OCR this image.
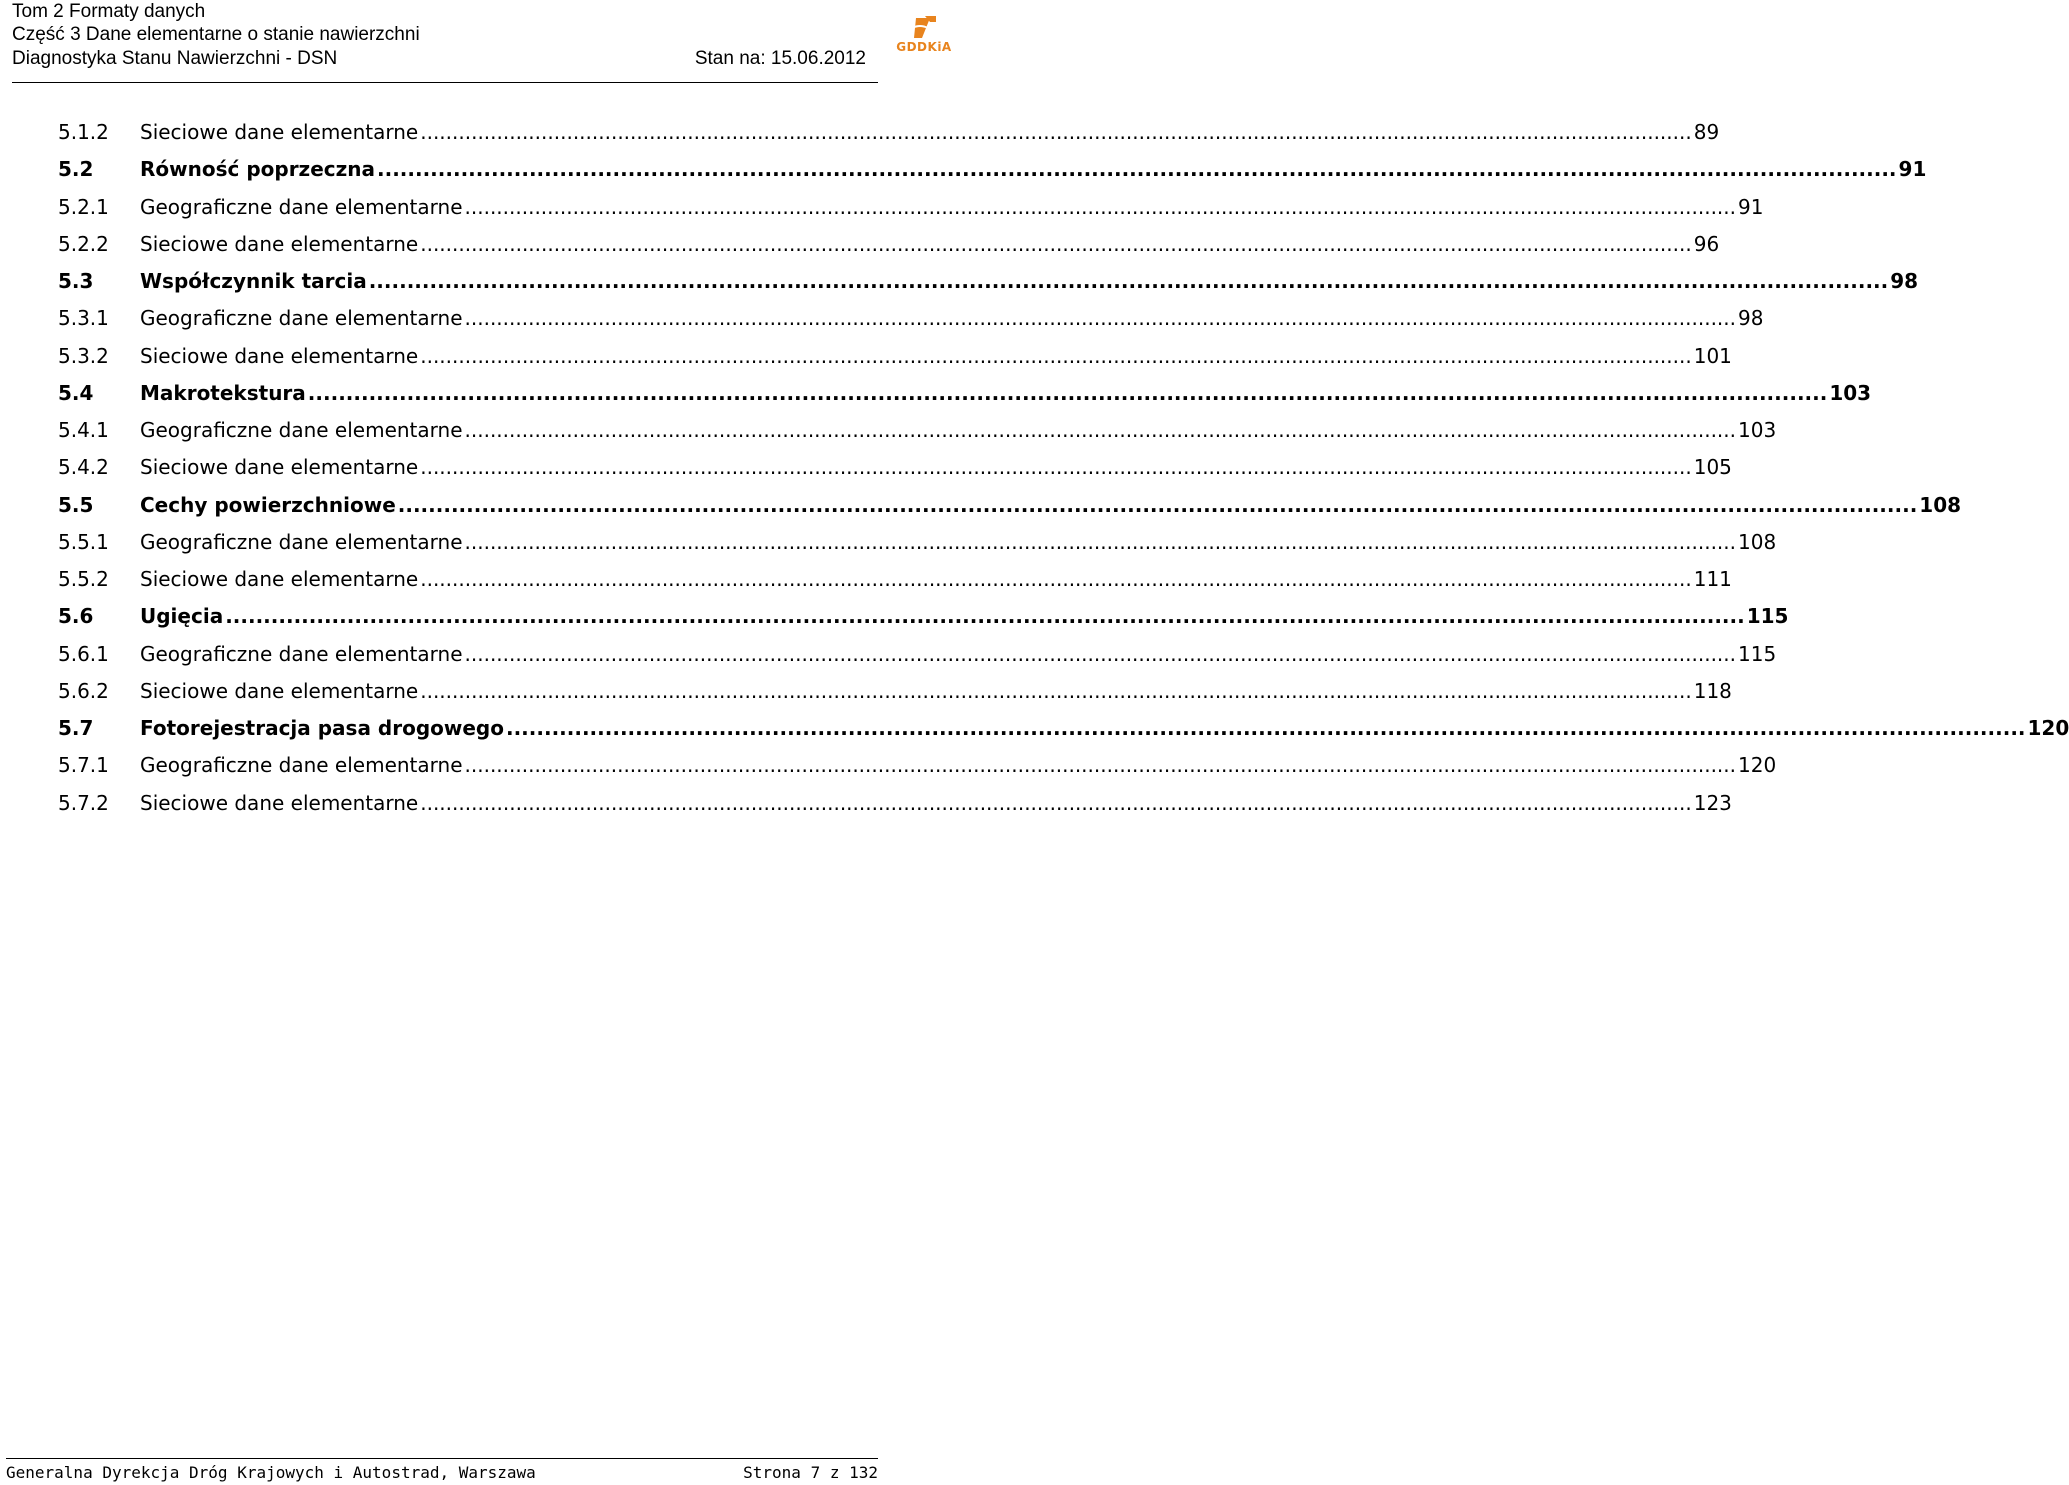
Tom 2 Formaty danych
Część 3 Dane elementarne o stanie nawierzchni
Diagnostyka Stanu Nawierzchni - DSN	Stan na: 15.06.2012
GDDKiA
5.1.2	Sieciowe dane elementarne ........................................................................................................................................................................................................ 89
5.2	Równość poprzeczna ........................................................................................................................................................................................................ 91
5.2.1	Geograficzne dane elementarne ........................................................................................................................................................................................................ 91
5.2.2	Sieciowe dane elementarne ........................................................................................................................................................................................................ 96
5.3	Współczynnik tarcia ........................................................................................................................................................................................................ 98
5.3.1	Geograficzne dane elementarne ........................................................................................................................................................................................................ 98
5.3.2	Sieciowe dane elementarne ........................................................................................................................................................................................................ 101
5.4	Makrotekstura ........................................................................................................................................................................................................ 103
5.4.1	Geograficzne dane elementarne ........................................................................................................................................................................................................ 103
5.4.2	Sieciowe dane elementarne ........................................................................................................................................................................................................ 105
5.5	Cechy powierzchniowe ........................................................................................................................................................................................................ 108
5.5.1	Geograficzne dane elementarne ........................................................................................................................................................................................................ 108
5.5.2	Sieciowe dane elementarne ........................................................................................................................................................................................................ 111
5.6	Ugięcia ........................................................................................................................................................................................................ 115
5.6.1	Geograficzne dane elementarne ........................................................................................................................................................................................................ 115
5.6.2	Sieciowe dane elementarne ........................................................................................................................................................................................................ 118
5.7	Fotorejestracja pasa drogowego ........................................................................................................................................................................................................ 120
5.7.1	Geograficzne dane elementarne ........................................................................................................................................................................................................ 120
5.7.2	Sieciowe dane elementarne ........................................................................................................................................................................................................ 123
Generalna Dyrekcja Dróg Krajowych i Autostrad, Warszawa	Strona 7 z 132
